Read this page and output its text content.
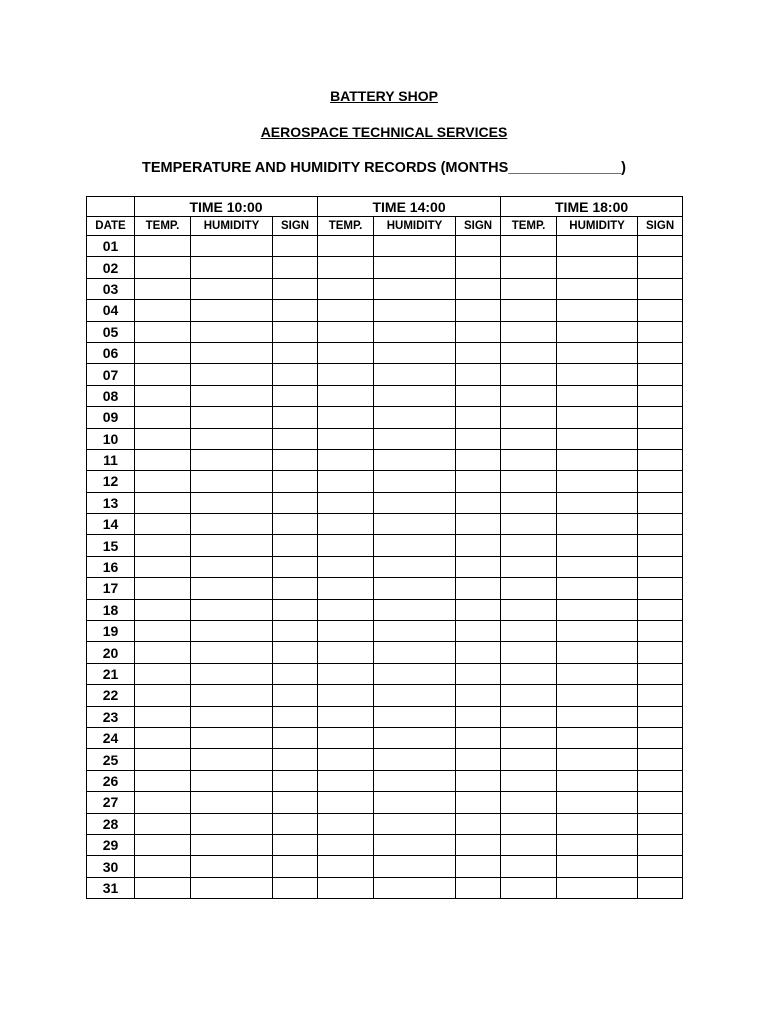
BATTERY SHOP
AEROSPACE TECHNICAL SERVICES
TEMPERATURE AND HUMIDITY RECORDS (MONTHS______________)
	TIME 10:00			TIME 14:00			TIME 18:00		
DATE	TEMP.	HUMIDITY	SIGN	TEMP.	HUMIDITY	SIGN	TEMP.	HUMIDITY	SIGN
01									
02									
03									
04									
05									
06									
07									
08									
09									
10									
11									
12									
13									
14									
15									
16									
17									
18									
19									
20									
21									
22									
23									
24									
25									
26									
27									
28									
29									
30									
31									
